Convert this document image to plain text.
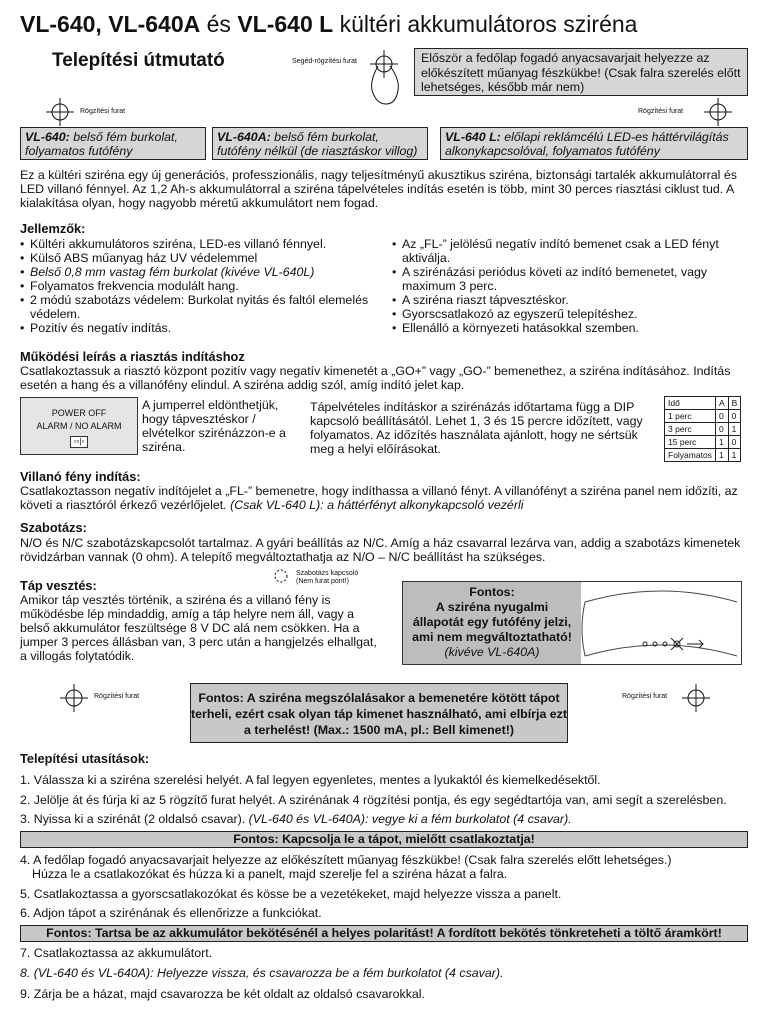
VL-640, VL-640A és VL-640 L kültéri akkumulátoros sziréna
Telepítési útmutató	Segéd-rögzítési furat	Először a fedőlap fogadó anyacsavarjait helyezze az előkészített műanyag fészkükbe! (Csak falra szerelés előtt lehetséges, később már nem)
Rögzítési furat	Rögzítési furat
VL-640: belső fém burkolat, folyamatos futófény
VL-640A: belső fém burkolat, futófény nélkül (de riasztáskor villog)
VL-640 L: előlapi reklámcélú LED-es háttérvilágítás alkonykapcsolóval, folyamatos futófény

Ez a kültéri sziréna egy új generációs, professzionális, nagy teljesítményű akusztikus sziréna, biztonsági tartalék akkumulátorral és LED villanó fénnyel. Az 1,2 Ah-s akkumulátorral a sziréna tápelvételes indítás esetén is több, mint 30 perces riasztási ciklust tud. A kialakítása olyan, hogy nagyobb méretű akkumulátort nem fogad.

Jellemzők:
• Kültéri akkumulátoros sziréna, LED-es villanó fénnyel.
• Külső ABS műanyag ház UV védelemmel
• Belső 0,8 mm vastag fém burkolat (kivéve VL-640L)
• Folyamatos frekvencia modulált hang.
• 2 módú szabotázs védelem: Burkolat nyitás és faltól elemelés védelem.
• Pozitív és negatív indítás.
• Az „FL-” jelölésű negatív indító bemenet csak a LED fényt aktiválja.
• A szirénázási periódus követi az indító bemenetet, vagy maximum 3 perc.
• A sziréna riaszt tápvesztéskor.
• Gyorscsatlakozó az egyszerű telepítéshez.
• Ellenálló a környezeti hatásokkal szemben.
Működési leírás a riasztás indításhoz

Csatlakoztassuk a riasztó központ pozitív vagy negatív kimenetét a „GO+” vagy „GO-” bemenethez, a sziréna indításához. Indítás esetén a hang és a villanófény elindul. A sziréna addig szól, amíg indító jelet kap.

POWER OFF
ALARM / NO ALARM
▫▫|▫

A jumperrel eldönthetjük, hogy tápvesztéskor / elvételkor szirénázzon-e a sziréna.

Tápelvételes indításkor a szirénázás időtartama függ a DIP kapcsoló beállításától. Lehet 1, 3 és 15 percre időzített, vagy folyamatos. Az időzítés használata ajánlott, hogy ne sértsük meg a helyi előírásokat.

Idő	A	B
1 perc	0	0
3 perc	0	1
15 perc	1	0
Folyamatos	1	1
Villanó fény indítás:

Csatlakoztasson negatív indítójelet a „FL-” bemenetre, hogy indíthassa a villanó fényt. A villanófényt a sziréna panel nem időzíti, az követi a riasztóról érkező vezérlőjelet. (Csak VL-640 L): a háttérfényt alkonykapcsoló vezérli

Szabotázs:

N/O és N/C szabotázskapcsolót tartalmaz. A gyári beállítás az N/C. Amíg a ház csavarral lezárva van, addig a szabotázs kimenetek rövidzárban vannak (0 ohm). A telepítő megváltoztathatja az N/O – N/C beállítást ha szükséges.

Táp vesztés:
Szabotázs kapcsoló
(Nem furat pont!)

Amikor táp vesztés történik, a sziréna és a villanó fény is működésbe lép mindaddig, amíg a táp helyre nem áll, vagy a belső akkumulátor feszültsége 8 V DC alá nem csökken. Ha a jumper 3 perces állásban van, 3 perc után a hangjelzés elhallgat, a villogás folytatódik.

Fontos:
A sziréna nyugalmi
állapotát egy futófény jelzi,
ami nem megváltoztatható!
(kivéve VL-640A)
Rögzítési furat	Fontos: A sziréna megszólalásakor a bemenetére kötött tápot terheli, ezért csak olyan táp kimenet használható, ami elbírja ezt a terhelést! (Max.: 1500 mA, pl.: Bell kimenet!)
Rögzítési furat
Telepítési utasítások:
1. Válassza ki a sziréna szerelési helyét. A fal legyen egyenletes, mentes a lyukaktól és kiemelkedésektől.
2. Jelölje át és fúrja ki az 5 rögzítő furat helyét. A szirénának 4 rögzítési pontja, és egy segédtartója van, ami segít a szerelésben.
3. Nyissa ki a szirénát (2 oldalsó csavar). (VL-640 és VL-640A): vegye ki a fém burkolatot (4 csavar).
Fontos: Kapcsolja le a tápot, mielőtt csatlakoztatja!
4. A fedőlap fogadó anyacsavarjait helyezze az előkészített műanyag fészkükbe! (Csak falra szerelés előtt lehetséges.)
Húzza le a csatlakozókat és húzza ki a panelt, majd szerelje fel a szirénа házat a falra.
5. Csatlakoztassa a gyorscsatlakozókat és kösse be a vezetékeket, majd helyezze vissza a panelt.
6. Adjon tápot a szirénának és ellenőrizze a funkciókat.
Fontos: Tartsa be az akkumulátor bekötésénél a helyes polaritást! A fordított bekötés tönkreteheti a töltő áramkört!
7. Csatlakoztassa az akkumulátort.
8. (VL-640 és VL-640A): Helyezze vissza, és csavarozza be a fém burkolatot (4 csavar).
9. Zárja be a házat, majd csavarozza be két oldalt az oldalsó csavarokkal.
